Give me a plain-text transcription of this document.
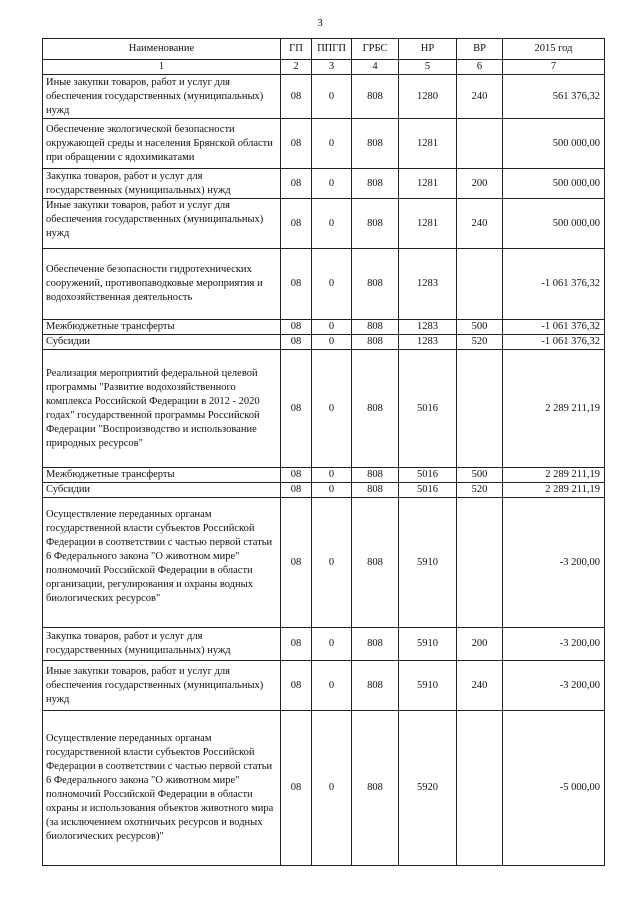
3
Наименование	ГП	ППГП	ГРБС	НР	ВР	2015 год
1	2	3	4	5	6	7
Иные закупки товаров, работ и услуг для обеспечения государственных (муниципальных) нужд	08	0	808	1280	240	561 376,32
Обеспечение экологической безопасности окружающей среды и населения Брянской области при обращении с ядохимикатами	08	0	808	1281		500 000,00
Закупка товаров, работ и услуг для государственных (муниципальных) нужд	08	0	808	1281	200	500 000,00
Иные закупки товаров, работ и услуг для обеспечения государственных (муниципальных) нужд	08	0	808	1281	240	500 000,00
Обеспечение безопасности гидротехнических сооружений, противопаводковые мероприятия и водохозяйственная деятельность	08	0	808	1283		-1 061 376,32
Межбюджетные трансферты	08	0	808	1283	500	-1 061 376,32
Субсидии	08	0	808	1283	520	-1 061 376,32
Реализация мероприятий федеральной целевой программы "Развитие водохозяйственного комплекса Российской Федерации в 2012 - 2020 годах" государственной программы Российской Федерации "Воспроизводство и использование природных ресурсов"	08	0	808	5016		2 289 211,19
Межбюджетные трансферты	08	0	808	5016	500	2 289 211,19
Субсидии	08	0	808	5016	520	2 289 211,19
Осуществление переданных органам государственной власти субъектов Российской Федерации в соответствии с частью первой статьи 6 Федерального закона "О животном мире" полномочий Российской Федерации в области организации, регулирования и охраны водных биологических ресурсов"	08	0	808	5910		-3 200,00
Закупка товаров, работ и услуг для государственных (муниципальных) нужд	08	0	808	5910	200	-3 200,00
Иные закупки товаров, работ и услуг для обеспечения государственных (муниципальных) нужд	08	0	808	5910	240	-3 200,00
Осуществление переданных органам государственной власти субъектов Российской Федерации в соответствии с частью первой статьи 6 Федерального закона "О животном мире" полномочий Российской Федерации в области охраны и использования объектов животного мира (за исключением охотничьих ресурсов и водных биологических ресурсов)"	08	0	808	5920		-5 000,00
